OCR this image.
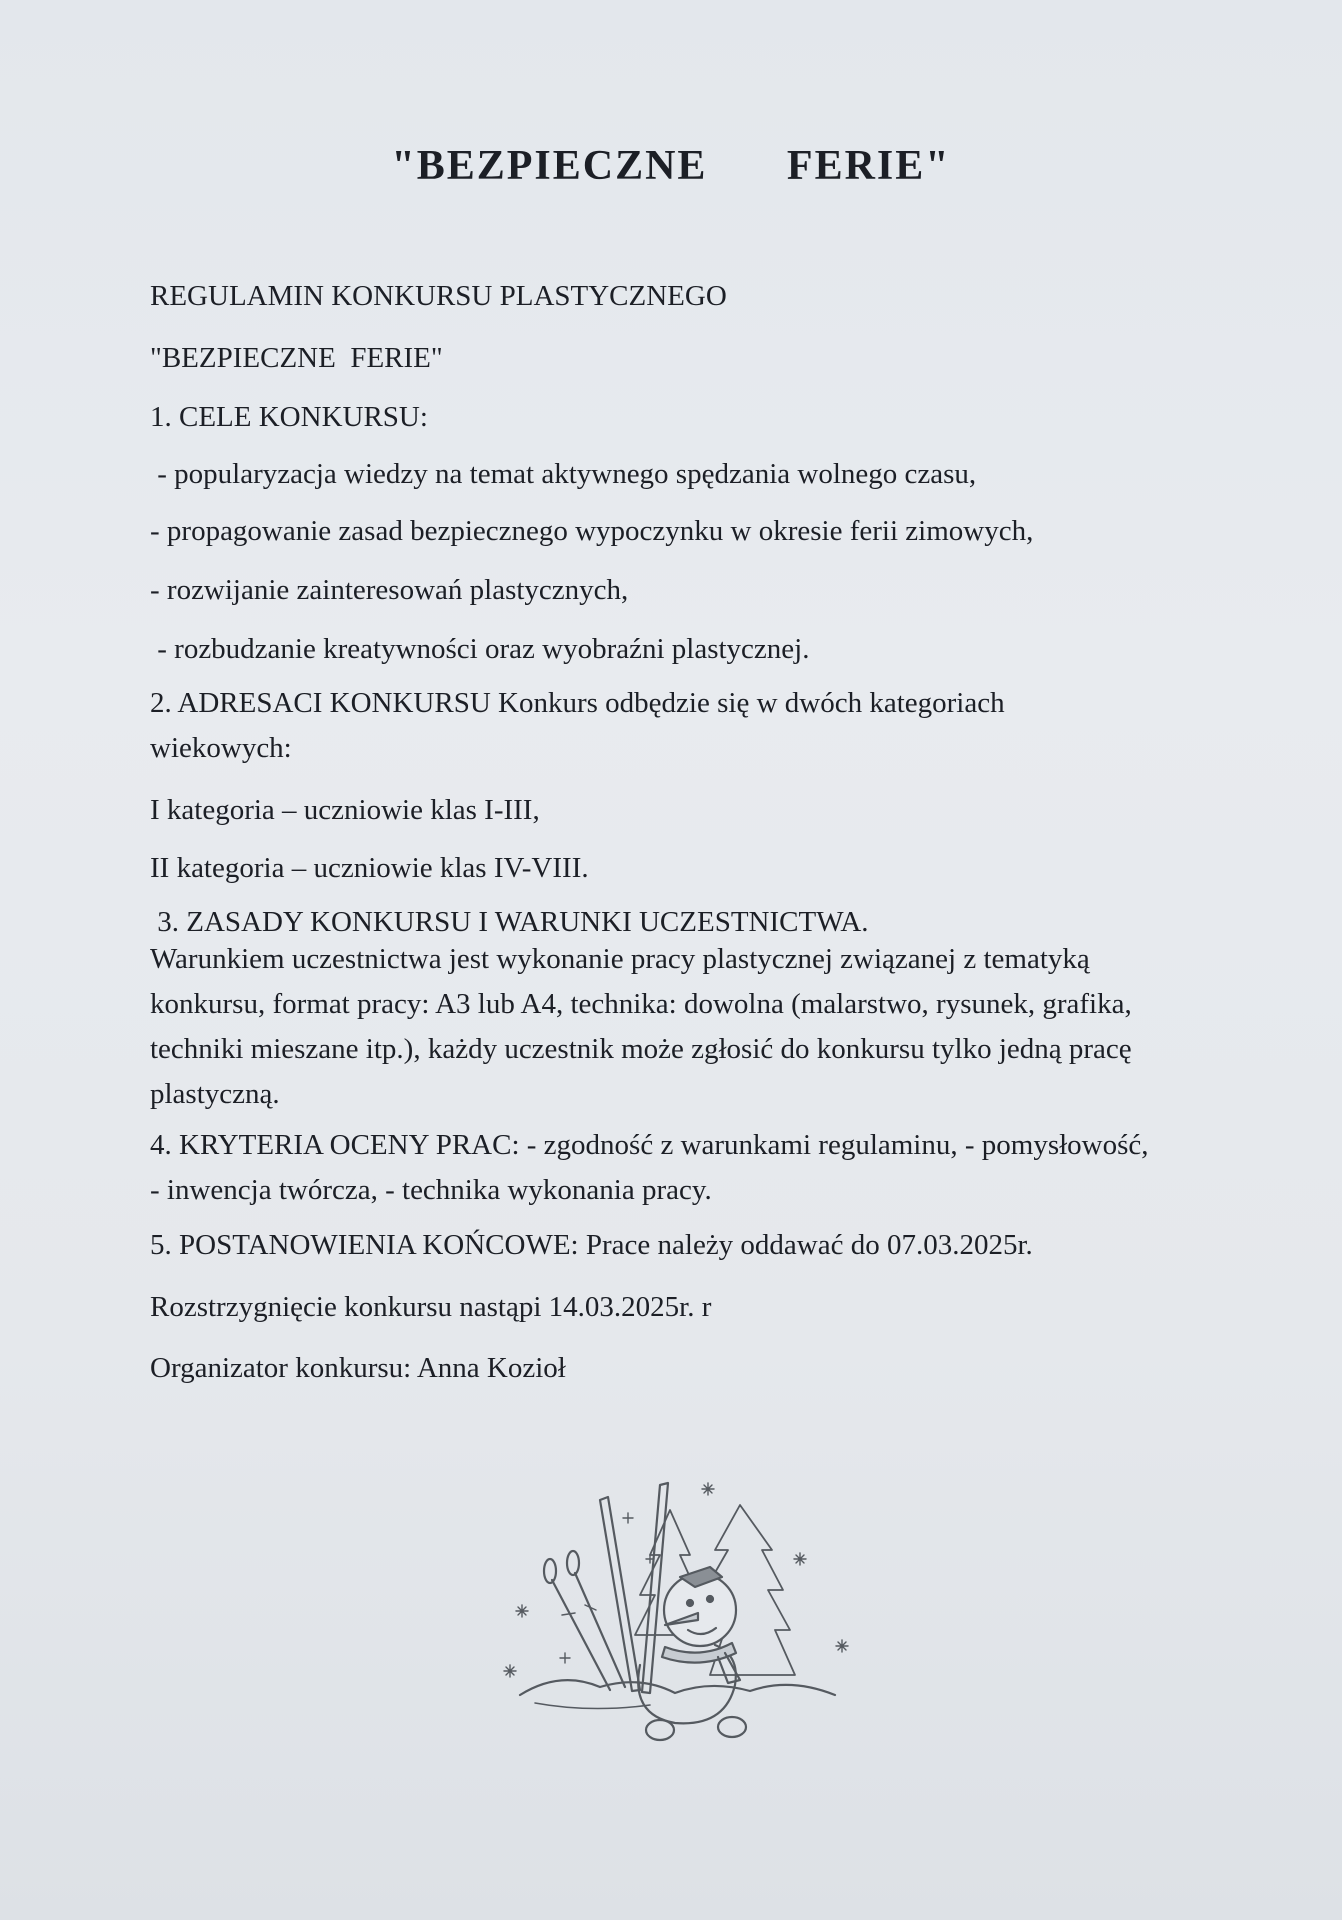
"BEZPIECZNE   FERIE"
REGULAMIN KONKURSU PLASTYCZNEGO
"BEZPIECZNE  FERIE"
1. CELE KONKURSU:
- popularyzacja wiedzy na temat aktywnego spędzania wolnego czasu,
- propagowanie zasad bezpiecznego wypoczynku w okresie ferii zimowych,
- rozwijanie zainteresowań plastycznych,
- rozbudzanie kreatywności oraz wyobraźni plastycznej.
2. ADRESACI KONKURSU Konkurs odbędzie się w dwóch kategoriach wiekowych:
I kategoria – uczniowie klas I-III,
II kategoria – uczniowie klas IV-VIII.
3. ZASADY KONKURSU I WARUNKI UCZESTNICTWA.
Warunkiem uczestnictwa jest wykonanie pracy plastycznej związanej z tematyką konkursu, format pracy: A3 lub A4, technika: dowolna (malarstwo, rysunek, grafika, techniki mieszane itp.), każdy uczestnik może zgłosić do konkursu tylko jedną pracę plastyczną.
4. KRYTERIA OCENY PRAC: - zgodność z warunkami regulaminu, - pomysłowość, - inwencja twórcza, - technika wykonania pracy.
5. POSTANOWIENIA KOŃCOWE: Prace należy oddawać do 07.03.2025r.
Rozstrzygnięcie konkursu nastąpi 14.03.2025r. r
Organizator konkursu: Anna Kozioł
